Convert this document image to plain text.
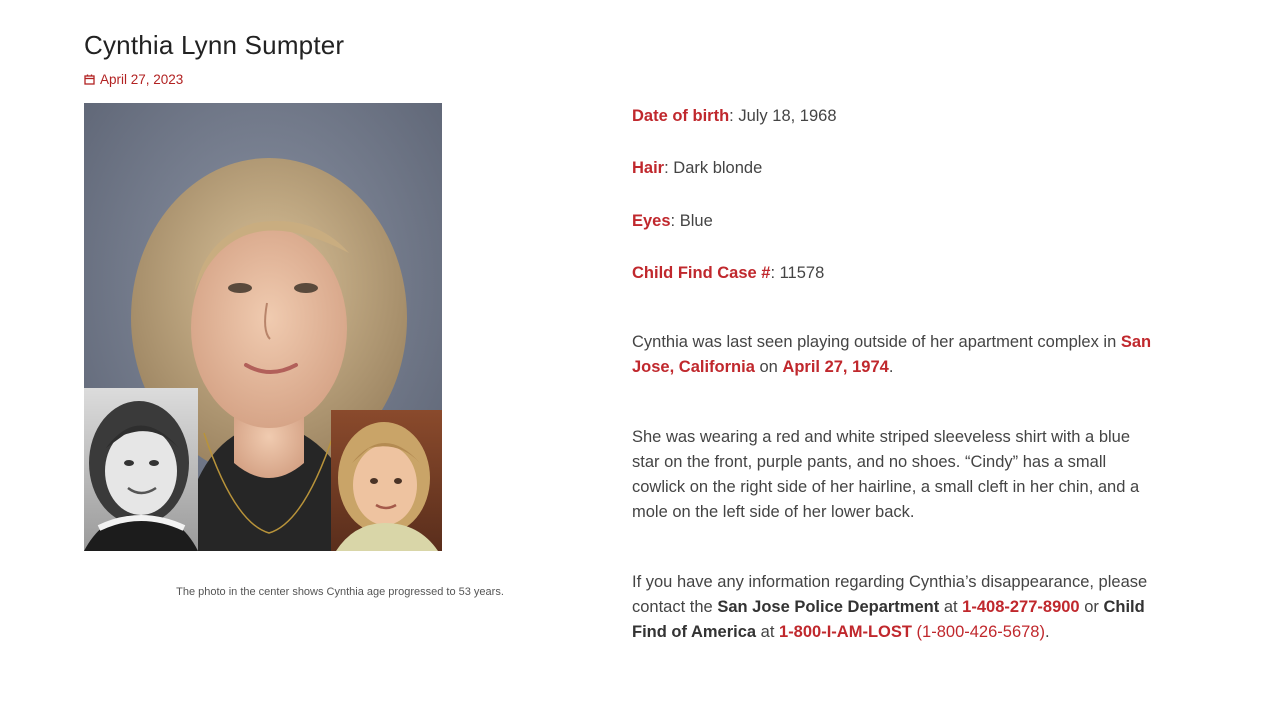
Cynthia Lynn Sumpter
April 27, 2023
The photo in the center shows Cynthia age progressed to 53 years.
Date of birth: July 18, 1968
Hair: Dark blonde
Eyes: Blue
Child Find Case #: 11578

Cynthia was last seen playing outside of her apartment complex in San Jose, California on April 27, 1974.

She was wearing a red and white striped sleeveless shirt with a blue star on the front, purple pants, and no shoes. “Cindy” has a small cowlick on the right side of her hairline, a small cleft in her chin, and a mole on the left side of her lower back.

If you have any information regarding Cynthia’s disappearance, please contact the San Jose Police Department at 1-408-277-8900 or Child Find of America at 1-800-I-AM-LOST (1-800-426-5678).
